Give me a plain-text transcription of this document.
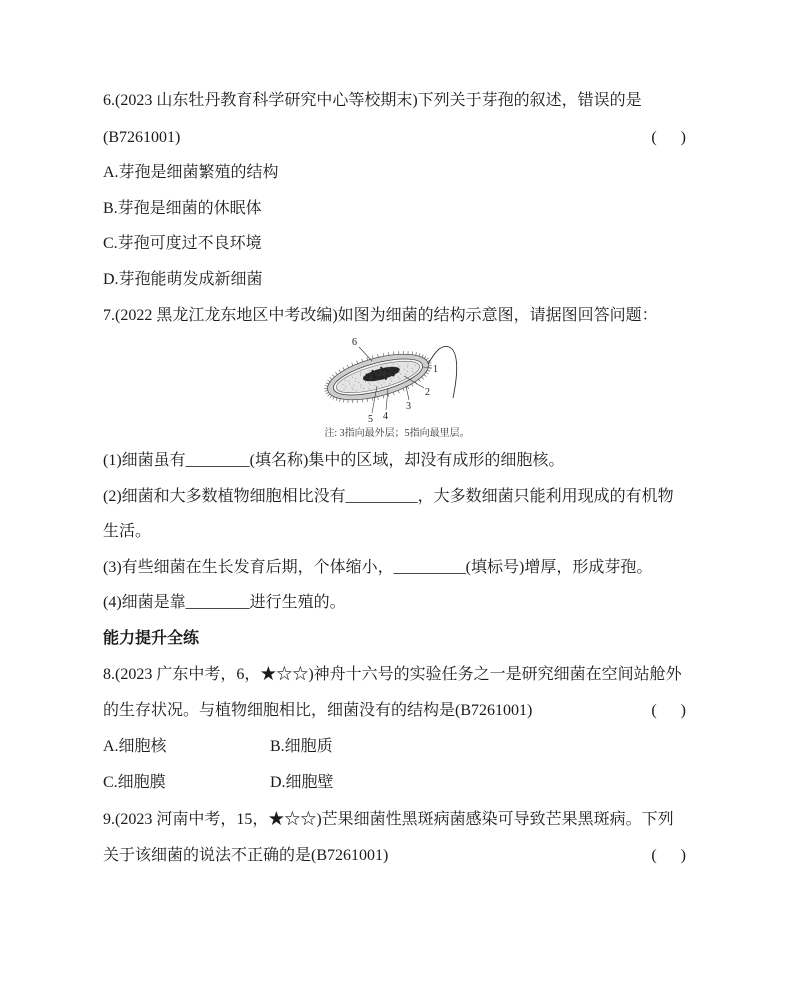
6.(2023 山东牡丹教育科学研究中心等校期末)下列关于芽孢的叙述，错误的是
(B7261001)	(      )
A.芽孢是细菌繁殖的结构
B.芽孢是细菌的休眠体
C.芽孢可度过不良环境
D.芽孢能萌发成新细菌
7.(2022 黑龙江龙东地区中考改编)如图为细菌的结构示意图，请据图回答问题：
6
1
2
3
4
5
注: 3指向最外层；5指向最里层。
(1)细菌虽有________(填名称)集中的区域，却没有成形的细胞核。
(2)细菌和大多数植物细胞相比没有_________，大多数细菌只能利用现成的有机物
生活。
(3)有些细菌在生长发育后期，个体缩小，_________(填标号)增厚，形成芽孢。
(4)细菌是靠________进行生殖的。
能力提升全练
8.(2023 广东中考，6，★☆☆)神舟十六号的实验任务之一是研究细菌在空间站舱外
的生存状况。与植物细胞相比，细菌没有的结构是(B7261001)	(      )
A.细胞核	B.细胞质
C.细胞膜	D.细胞壁
9.(2023 河南中考，15，★☆☆)芒果细菌性黑斑病菌感染可导致芒果黑斑病。下列
关于该细菌的说法不正确的是(B7261001)	(      )
